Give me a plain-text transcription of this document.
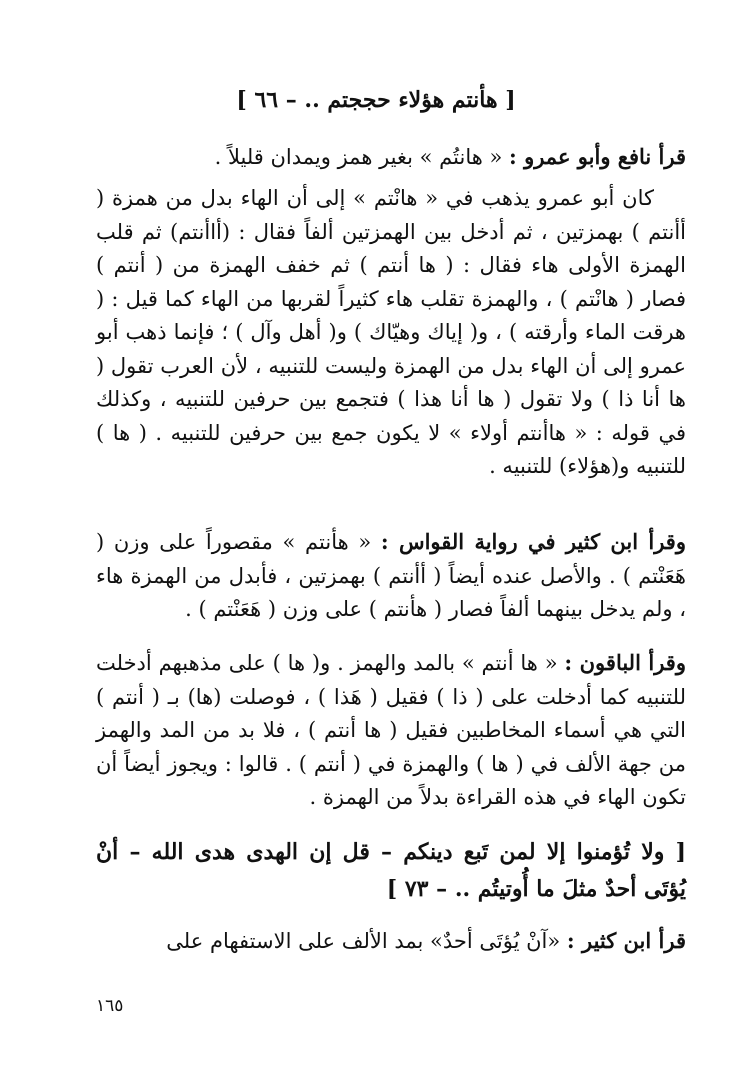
[ هأنتم هؤلاء حججتم .. – ٦٦ ]
قرأ نافع وأبو عمرو : « هانتُم » بغير همز ويمدان قليلاً .
كان أبو عمرو يذهب في « هانْتم » إلى أن الهاء بدل من همزة ( أأنتم ) بهمزتين ، ثم أدخل بين الهمزتين ألفاً فقال : (أاأنتم) ثم قلب الهمزة الأولى هاء فقال : ( ها أنتم ) ثم خفف الهمزة من ( أنتم ) فصار ( هانْتم ) ، والهمزة تقلب هاء كثيراً لقربها من الهاء كما قيل : ( هرقت الماء وأرقته ) ، و( إياك وهيّاك ) و( أهل وآل ) ؛ فإنما ذهب أبو عمرو إلى أن الهاء بدل من الهمزة وليست للتنبيه ، لأن العرب تقول ( ها أنا ذا ) ولا تقول ( ها أنا هذا ) فتجمع بين حرفين للتنبيه ، وكذلك في قوله : « هاأنتم أولاء » لا يكون جمع بين حرفين للتنبيه . ( ها ) للتنبيه و(هؤلاء) للتنبيه .
وقرأ ابن كثير في رواية القواس : « هأنتم » مقصوراً على وزن ( هَعَنْتم ) . والأصل عنده أيضاً ( أأنتم ) بهمزتين ، فأبدل من الهمزة هاء ، ولم يدخل بينهما ألفاً فصار ( هأنتم ) على وزن ( هَعَنْتم ) .
وقرأ الباقون : « ها أنتم » بالمد والهمز . و( ها ) على مذهبهم أدخلت للتنبيه كما أدخلت على ( ذا ) فقيل ( هَذا ) ، فوصلت (ها) بـ ( أنتم ) التي هي أسماء المخاطبين فقيل ( ها أنتم ) ، فلا بد من المد والهمز من جهة الألف في ( ها ) والهمزة في ( أنتم ) . قالوا : ويجوز أيضاً أن تكون الهاء في هذه القراءة بدلاً من الهمزة .
[ ولا تُؤمنوا إلا لمن تَبع دينكم – قل إن الهدى هدى الله – أنْ يُؤتَى أحدٌ مثلَ ما أُوتيتُم .. – ٧٣ ]
قرأ ابن كثير : «آنْ يُؤتَى أحدٌ» بمد الألف على الاستفهام على
١٦٥
